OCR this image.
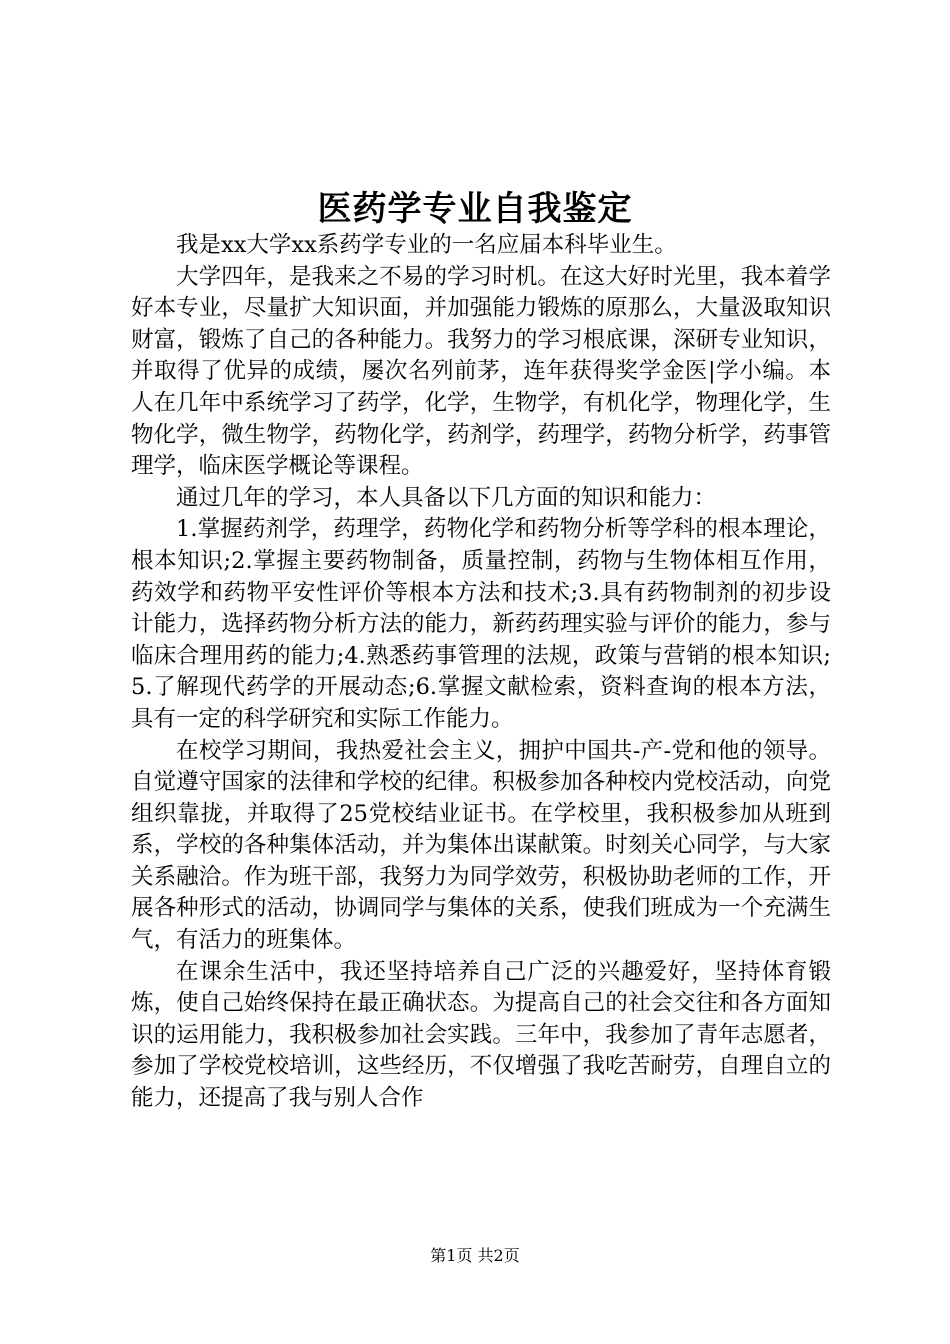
医药学专业自我鉴定

我是xx大学xx系药学专业的一名应届本科毕业生。

大学四年，是我来之不易的学习时机。在这大好时光里，我本着学好本专业，尽量扩大知识面，并加强能力锻炼的原那么，大量汲取知识财富，锻炼了自己的各种能力。我努力的学习根底课，深研专业知识，并取得了优异的成绩，屡次名列前茅，连年获得奖学金医|学小编。本人在几年中系统学习了药学，化学，生物学，有机化学，物理化学，生物化学，微生物学，药物化学，药剂学，药理学，药物分析学，药事管理学，临床医学概论等课程。

通过几年的学习，本人具备以下几方面的知识和能力：

1.掌握药剂学，药理学，药物化学和药物分析等学科的根本理论，根本知识;2.掌握主要药物制备，质量控制，药物与生物体相互作用，药效学和药物平安性评价等根本方法和技术;3.具有药物制剂的初步设计能力，选择药物分析方法的能力，新药药理实验与评价的能力，参与临床合理用药的能力;4.熟悉药事管理的法规，政策与营销的根本知识;5.了解现代药学的开展动态;6.掌握文献检索，资料查询的根本方法，具有一定的科学研究和实际工作能力。

在校学习期间，我热爱社会主义，拥护中国共-产-党和他的领导。自觉遵守国家的法律和学校的纪律。积极参加各种校内党校活动，向党组织靠拢，并取得了25党校结业证书。在学校里，我积极参加从班到系，学校的各种集体活动，并为集体出谋献策。时刻关心同学，与大家关系融洽。作为班干部，我努力为同学效劳，积极协助老师的工作，开展各种形式的活动，协调同学与集体的关系，使我们班成为一个充满生气，有活力的班集体。

在课余生活中，我还坚持培养自己广泛的兴趣爱好，坚持体育锻炼，使自己始终保持在最正确状态。为提高自己的社会交往和各方面知识的运用能力，我积极参加社会实践。三年中，我参加了青年志愿者，参加了学校党校培训，这些经历，不仅增强了我吃苦耐劳，自理自立的能力，还提高了我与别人合作

第1页 共2页
